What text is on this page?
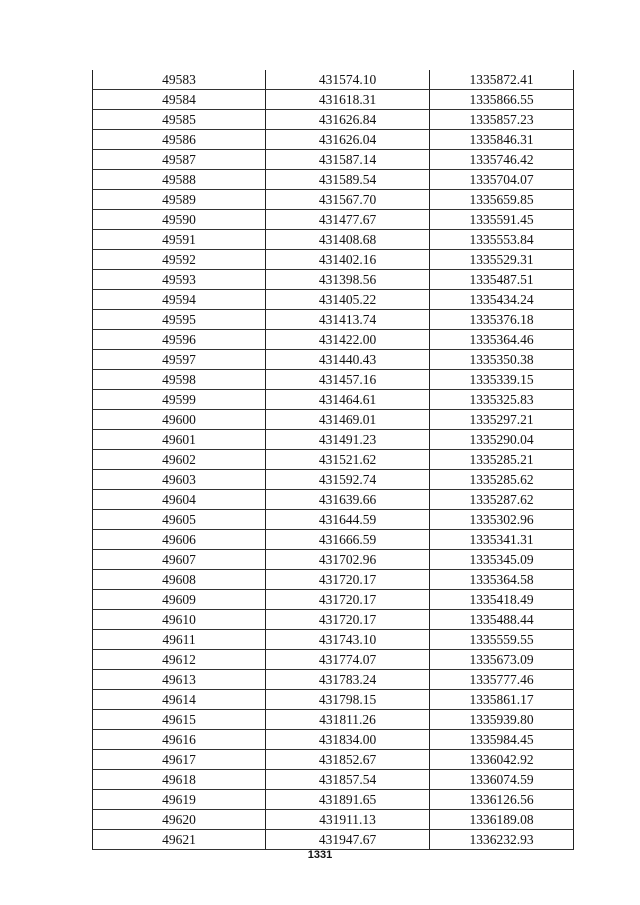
49583	431574.10	1335872.41
49584	431618.31	1335866.55
49585	431626.84	1335857.23
49586	431626.04	1335846.31
49587	431587.14	1335746.42
49588	431589.54	1335704.07
49589	431567.70	1335659.85
49590	431477.67	1335591.45
49591	431408.68	1335553.84
49592	431402.16	1335529.31
49593	431398.56	1335487.51
49594	431405.22	1335434.24
49595	431413.74	1335376.18
49596	431422.00	1335364.46
49597	431440.43	1335350.38
49598	431457.16	1335339.15
49599	431464.61	1335325.83
49600	431469.01	1335297.21
49601	431491.23	1335290.04
49602	431521.62	1335285.21
49603	431592.74	1335285.62
49604	431639.66	1335287.62
49605	431644.59	1335302.96
49606	431666.59	1335341.31
49607	431702.96	1335345.09
49608	431720.17	1335364.58
49609	431720.17	1335418.49
49610	431720.17	1335488.44
49611	431743.10	1335559.55
49612	431774.07	1335673.09
49613	431783.24	1335777.46
49614	431798.15	1335861.17
49615	431811.26	1335939.80
49616	431834.00	1335984.45
49617	431852.67	1336042.92
49618	431857.54	1336074.59
49619	431891.65	1336126.56
49620	431911.13	1336189.08
49621	431947.67	1336232.93
1331
